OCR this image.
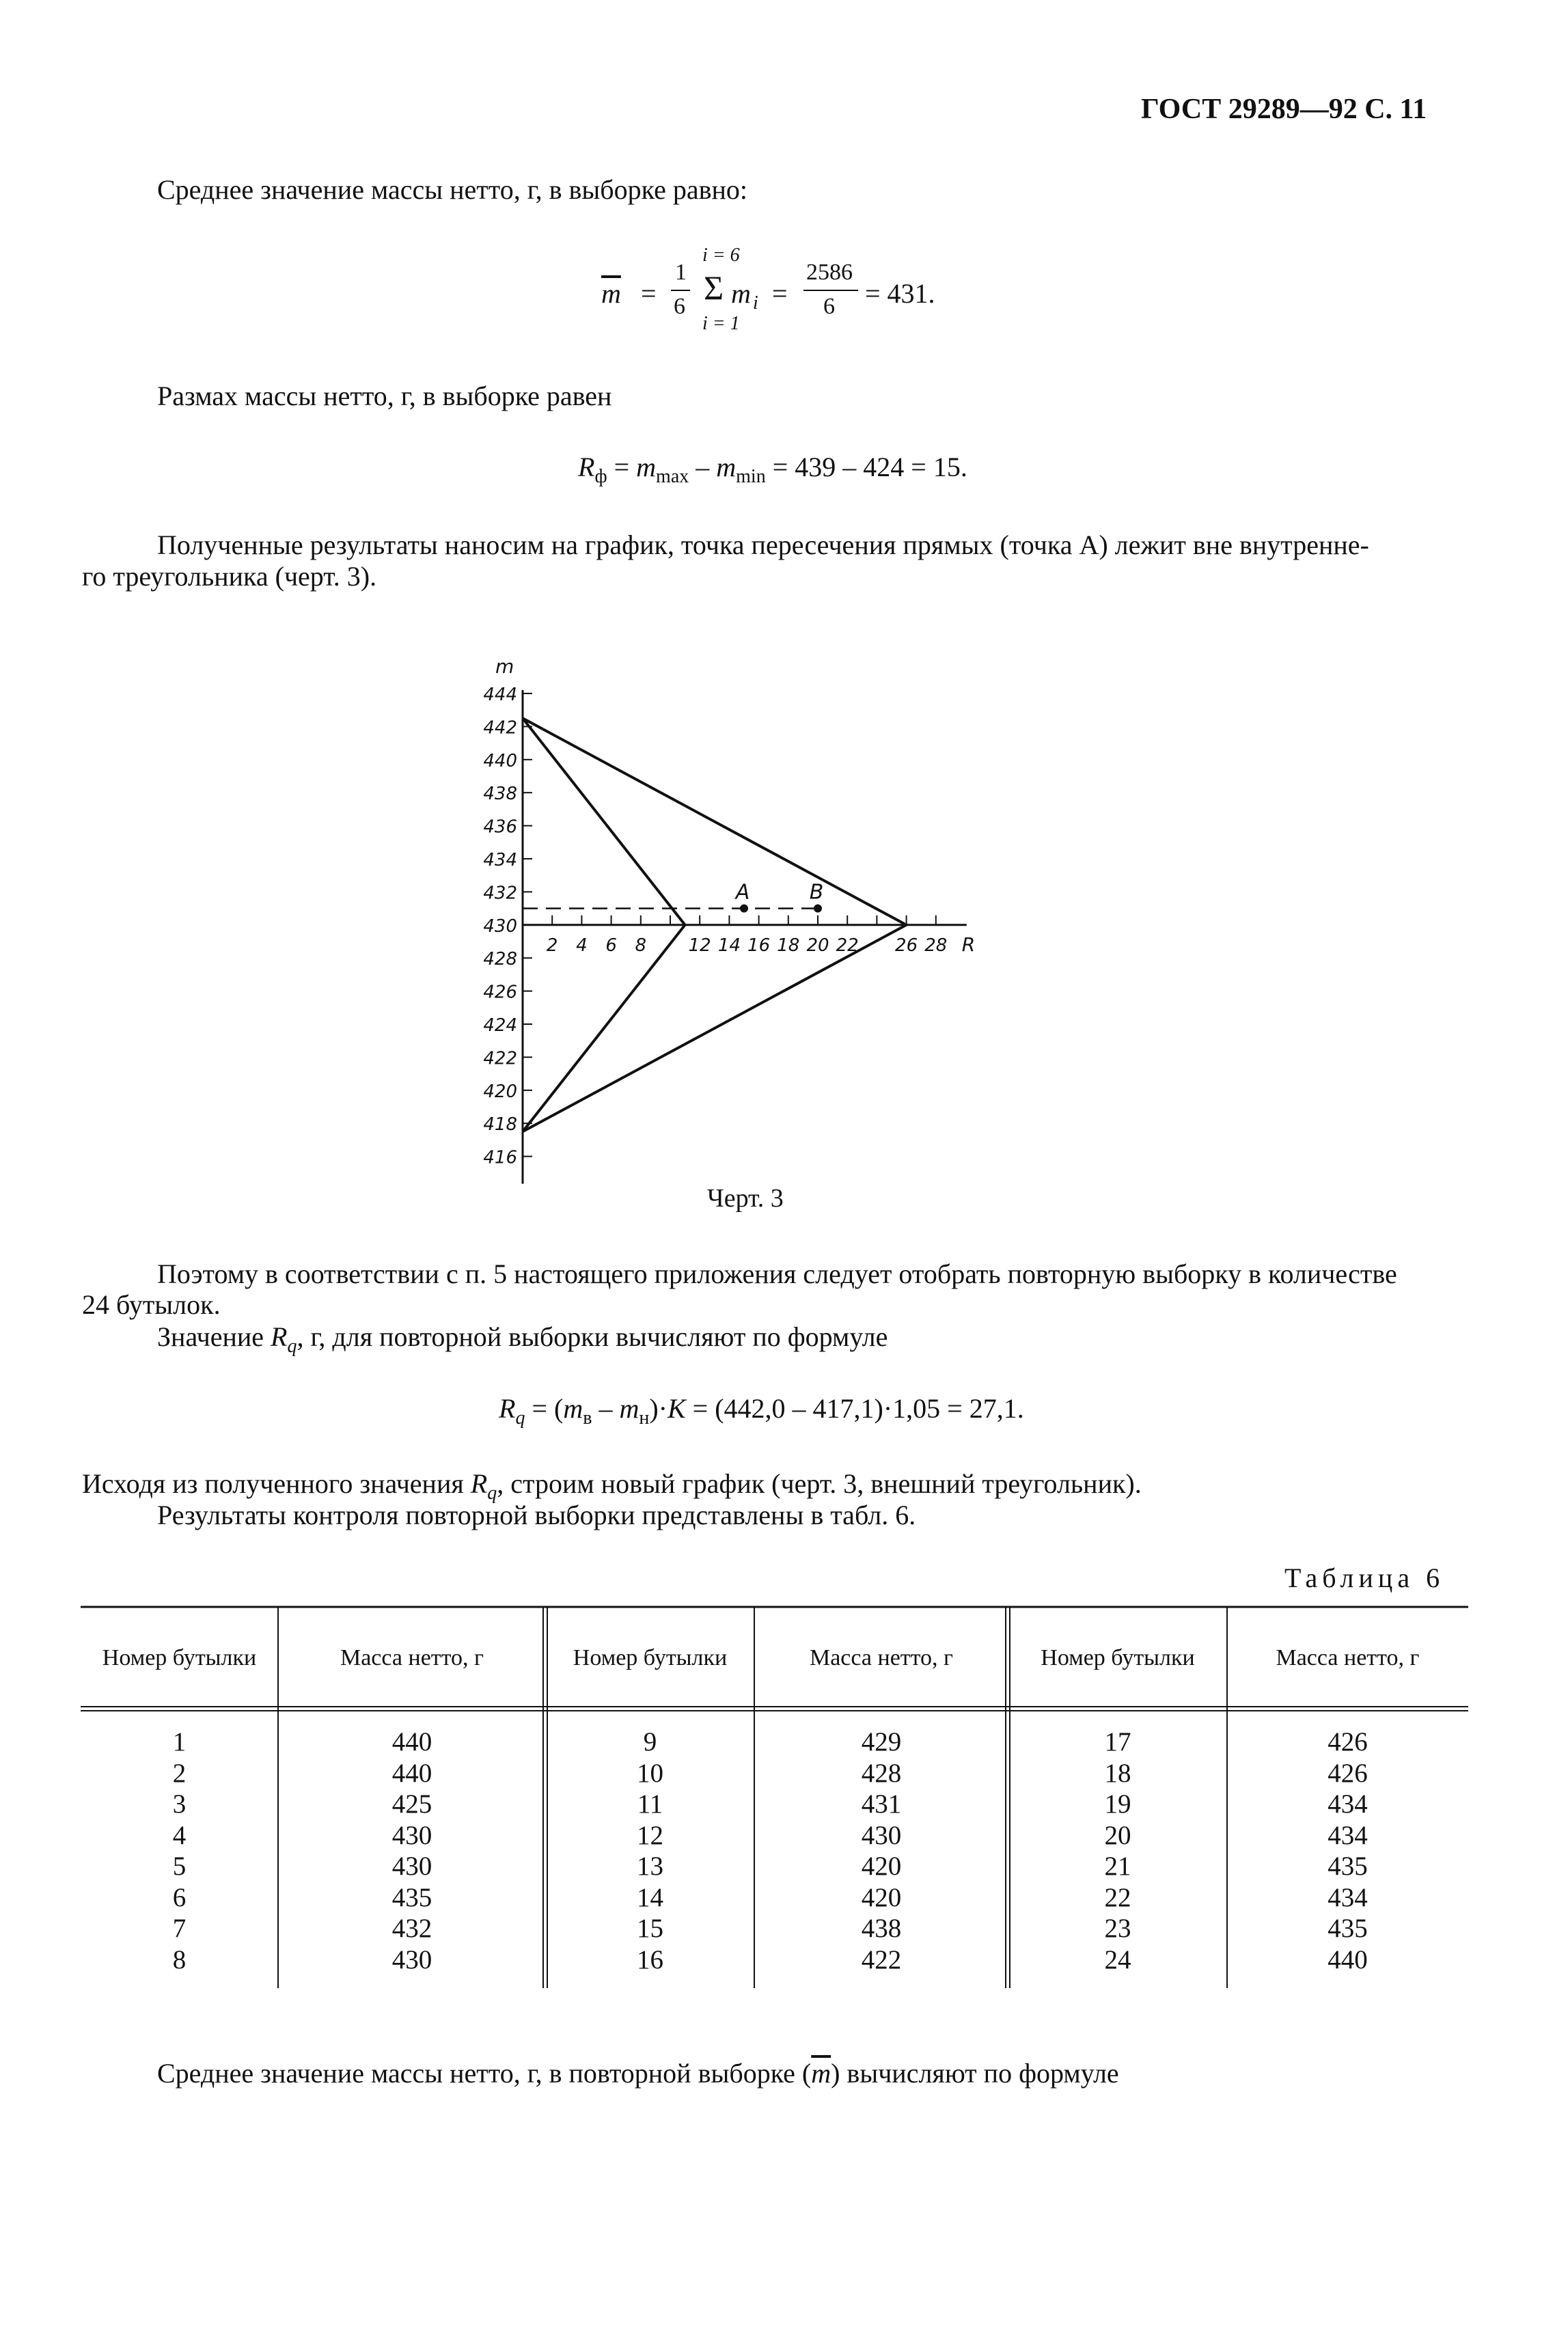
ГОСТ 29289—92 С. 11
Среднее значение массы нетто, г, в выборке равно:
$\overline{m}$ =
1
6
i = 6
Σ
i = 1
m i =
2586
6 = 431.
Размах массы нетто, г, в выборке равен
$R_ф = m_{max} - m_{min} = 439 - 424 = 15$.
Полученные результаты наносим на график, точка пересечения прямых (точка A) лежит вне внутренне-
го треугольника (черт. 3).
444
442
440
438
436
434
432
430
428
426
424
422
420
418
416
m
2 4 6 8 12 14 16 18 20 22 26 28 R
A	B
Черт. 3
Поэтому в соответствии с п. 5 настоящего приложения следует отобрать повторную выборку в количестве
24 бутылок.
Значение $R_q$, г, для повторной выборки вычисляют по формуле
$R_q = (m_в - m_н)\cdot K = (442,0 - 417,1)\cdot 1,05 = 27,1$.
Исходя из полученного значения $R_q$, строим новый график (черт. 3, внешний треугольник).
Результаты контроля повторной выборки представлены в табл. 6.
Таблица 6
Номер бутылки	Масса нетто, г	Номер бутылки	Масса нетто, г	Номер бутылки	Масса нетто, г

1	440	9	429	17	426
2	440	10	428	18	426
3	425	11	431	19	434
4	430	12	430	20	434
5	430	13	420	21	435
6	435	14	420	22	434
7	432	15	438	23	435
8	430	16	422	24	440
Среднее значение массы нетто, г, в повторной выборке $(\overline{m})$ вычисляют по формуле
